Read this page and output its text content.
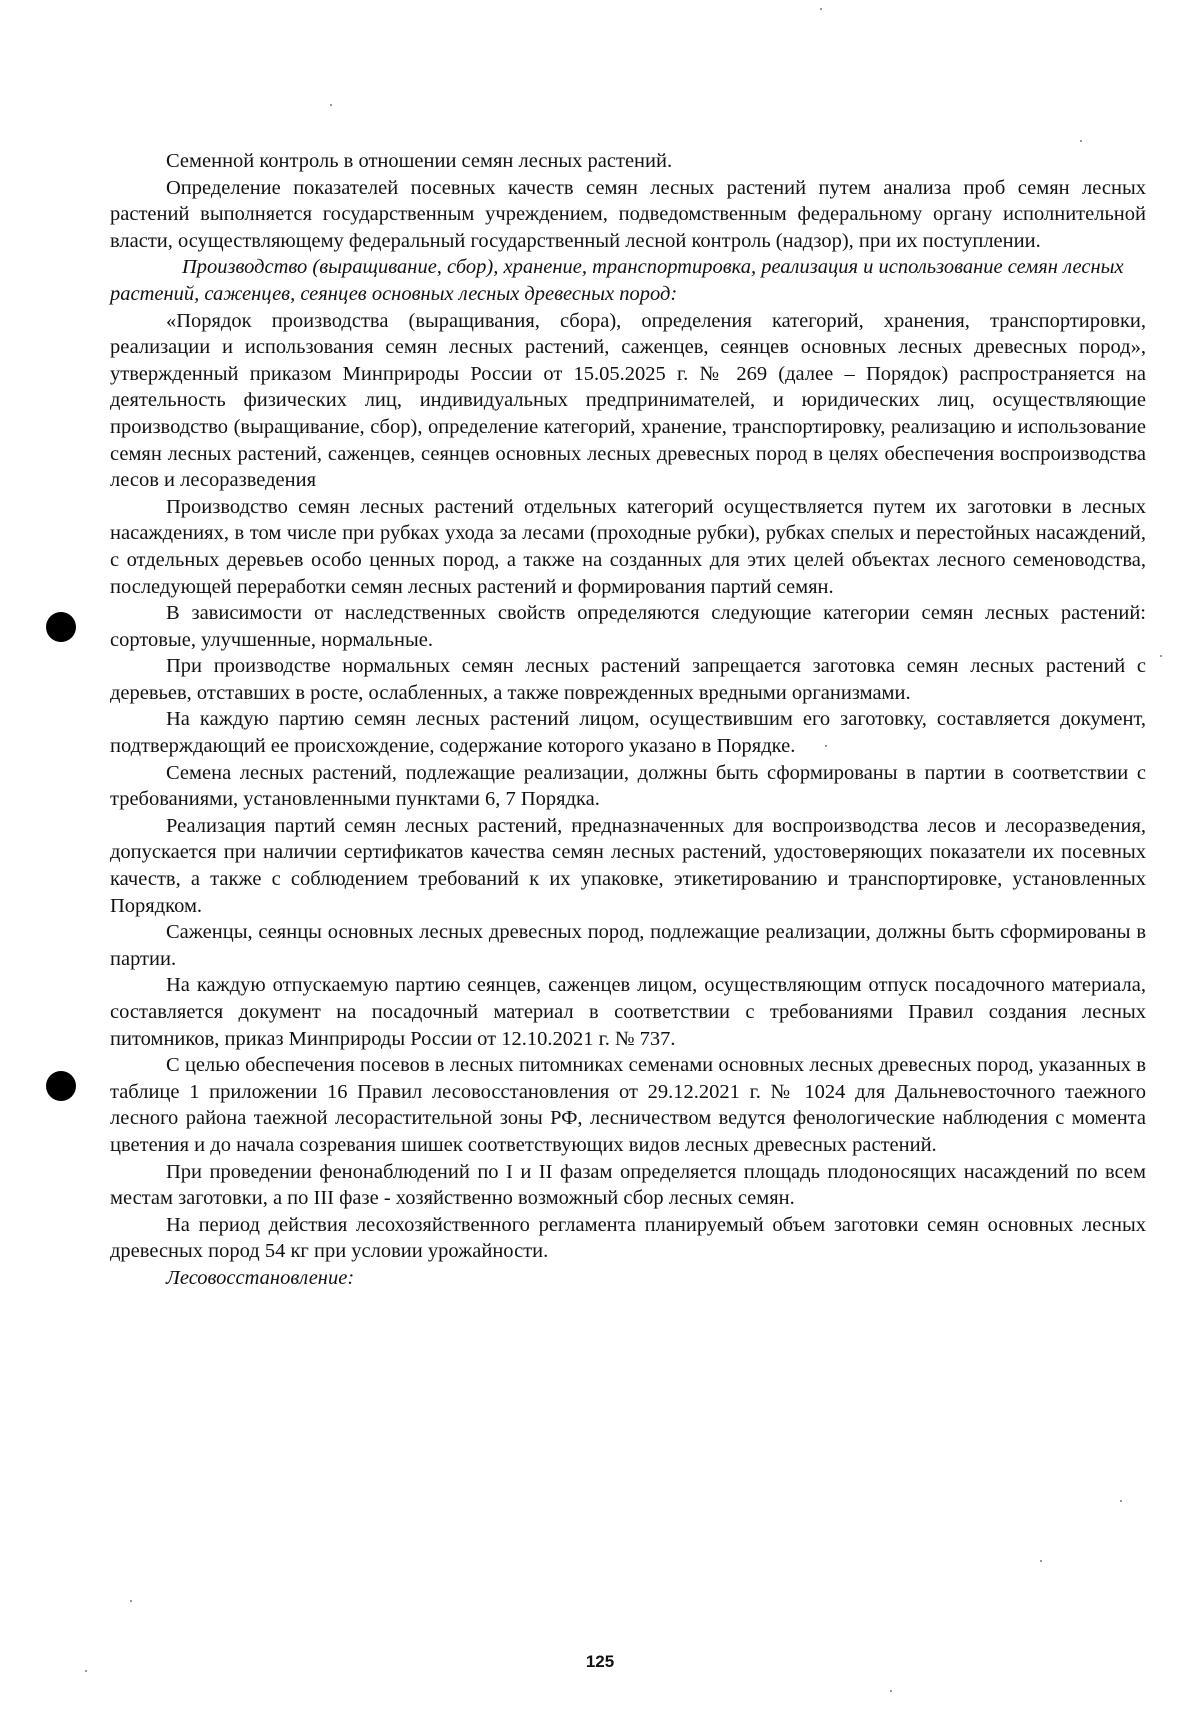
Семенной контроль в отношении семян лесных растений.

Определение показателей посевных качеств семян лесных растений путем анализа проб семян лесных растений выполняется государственным учреждением, подведомственным федеральному органу исполнительной власти, осуществляющему федеральный государственный лесной контроль (надзор), при их поступлении.

Производство (выращивание, сбор), хранение, транспортировка, реализация и использование семян лесных растений, саженцев, сеянцев основных лесных древесных пород:

«Порядок производства (выращивания, сбора), определения категорий, хранения, транспортировки, реализации и использования семян лесных растений, саженцев, сеянцев основных лесных древесных пород», утвержденный приказом Минприроды России от 15.05.2025 г. № 269 (далее – Порядок) распространяется на деятельность физических лиц, индивидуальных предпринимателей, и юридических лиц, осуществляющие производство (выращивание, сбор), определение категорий, хранение, транспортировку, реализацию и использование семян лесных растений, саженцев, сеянцев основных лесных древесных пород в целях обеспечения воспроизводства лесов и лесоразведения

Производство семян лесных растений отдельных категорий осуществляется путем их заготовки в лесных насаждениях, в том числе при рубках ухода за лесами (проходные рубки), рубках спелых и перестойных насаждений, с отдельных деревьев особо ценных пород, а также на созданных для этих целей объектах лесного семеноводства, последующей переработки семян лесных растений и формирования партий семян.

В зависимости от наследственных свойств определяются следующие категории семян лесных растений: сортовые, улучшенные, нормальные.

При производстве нормальных семян лесных растений запрещается заготовка семян лесных растений с деревьев, отставших в росте, ослабленных, а также поврежденных вредными организмами.

На каждую партию семян лесных растений лицом, осуществившим его заготовку, составляется документ, подтверждающий ее происхождение, содержание которого указано в Порядке.

Семена лесных растений, подлежащие реализации, должны быть сформированы в партии в соответствии с требованиями, установленными пунктами 6, 7 Порядка.

Реализация партий семян лесных растений, предназначенных для воспроизводства лесов и лесоразведения, допускается при наличии сертификатов качества семян лесных растений, удостоверяющих показатели их посевных качеств, а также с соблюдением требований к их упаковке, этикетированию и транспортировке, установленных Порядком.

Саженцы, сеянцы основных лесных древесных пород, подлежащие реализации, должны быть сформированы в партии.

На каждую отпускаемую партию сеянцев, саженцев лицом, осуществляющим отпуск посадочного материала, составляется документ на посадочный материал в соответствии с требованиями Правил создания лесных питомников, приказ Минприроды России от 12.10.2021 г. № 737.

С целью обеспечения посевов в лесных питомниках семенами основных лесных древесных пород, указанных в таблице 1 приложении 16 Правил лесовосстановления от 29.12.2021 г. № 1024 для Дальневосточного таежного лесного района таежной лесорастительной зоны РФ, лесничеством ведутся фенологические наблюдения с момента цветения и до начала созревания шишек соответствующих видов лесных древесных растений.

При проведении фенонаблюдений по I и II фазам определяется площадь плодоносящих насаждений по всем местам заготовки, а по III фазе - хозяйственно возможный сбор лесных семян.

На период действия лесохозяйственного регламента планируемый объем заготовки семян основных лесных древесных пород 54 кг при условии урожайности.

Лесовосстановление:

125
